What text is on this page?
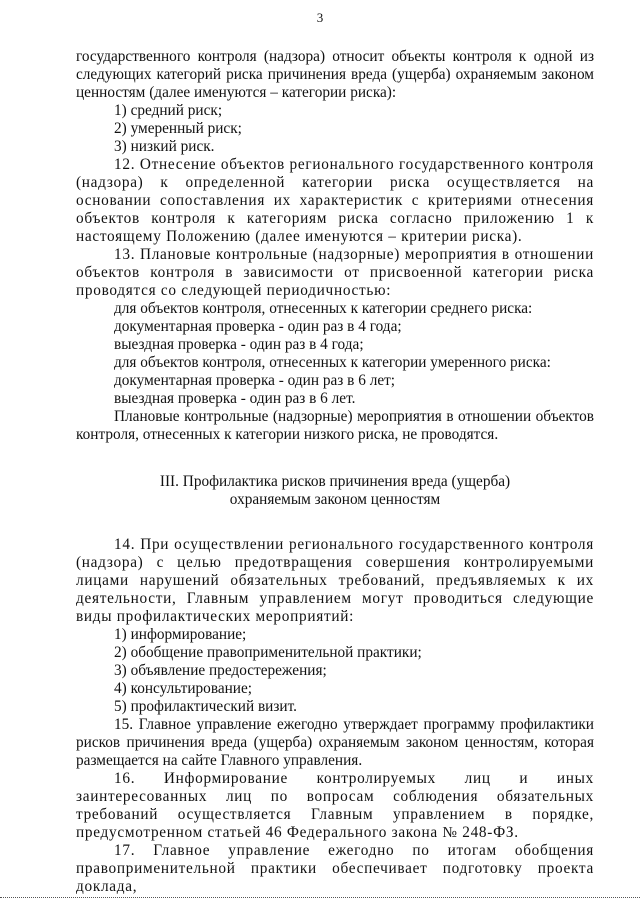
3

государственного контроля (надзора) относит объекты контроля к одной из следующих категорий риска причинения вреда (ущерба) охраняемым законом ценностям (далее именуются – категории риска):

1) средний риск;

2) умеренный риск;

3) низкий риск.

12. Отнесение объектов регионального государственного контроля (надзора) к определенной категории риска осуществляется на основании сопоставления их характеристик с критериями отнесения объектов контроля к категориям риска согласно приложению 1 к настоящему Положению (далее именуются – критерии риска).

13. Плановые контрольные (надзорные) мероприятия в отношении объектов контроля в зависимости от присвоенной категории риска проводятся со следующей периодичностью:

для объектов контроля, отнесенных к категории среднего риска:

документарная проверка - один раз в 4 года;

выездная проверка - один раз в 4 года;

для объектов контроля, отнесенных к категории умеренного риска:

документарная проверка - один раз в 6 лет;

выездная проверка - один раз в 6 лет.

Плановые контрольные (надзорные) мероприятия в отношении объектов контроля, отнесенных к категории низкого риска, не проводятся.

III. Профилактика рисков причинения вреда (ущерба)
охраняемым законом ценностям

14. При осуществлении регионального государственного контроля (надзора) с целью предотвращения совершения контролируемыми лицами нарушений обязательных требований, предъявляемых к их деятельности, Главным управлением могут проводиться следующие виды профилактических мероприятий:

1) информирование;

2) обобщение правоприменительной практики;

3) объявление предостережения;

4) консультирование;

5) профилактический визит.

15. Главное управление ежегодно утверждает программу профилактики рисков причинения вреда (ущерба) охраняемым законом ценностям, которая размещается на сайте Главного управления.

16. Информирование контролируемых лиц и иных заинтересованных лиц по вопросам соблюдения обязательных требований осуществляется Главным управлением в порядке, предусмотренном статьей 46 Федерального закона № 248-ФЗ.

17. Главное управление ежегодно по итогам обобщения правоприменительной практики обеспечивает подготовку проекта доклада,
